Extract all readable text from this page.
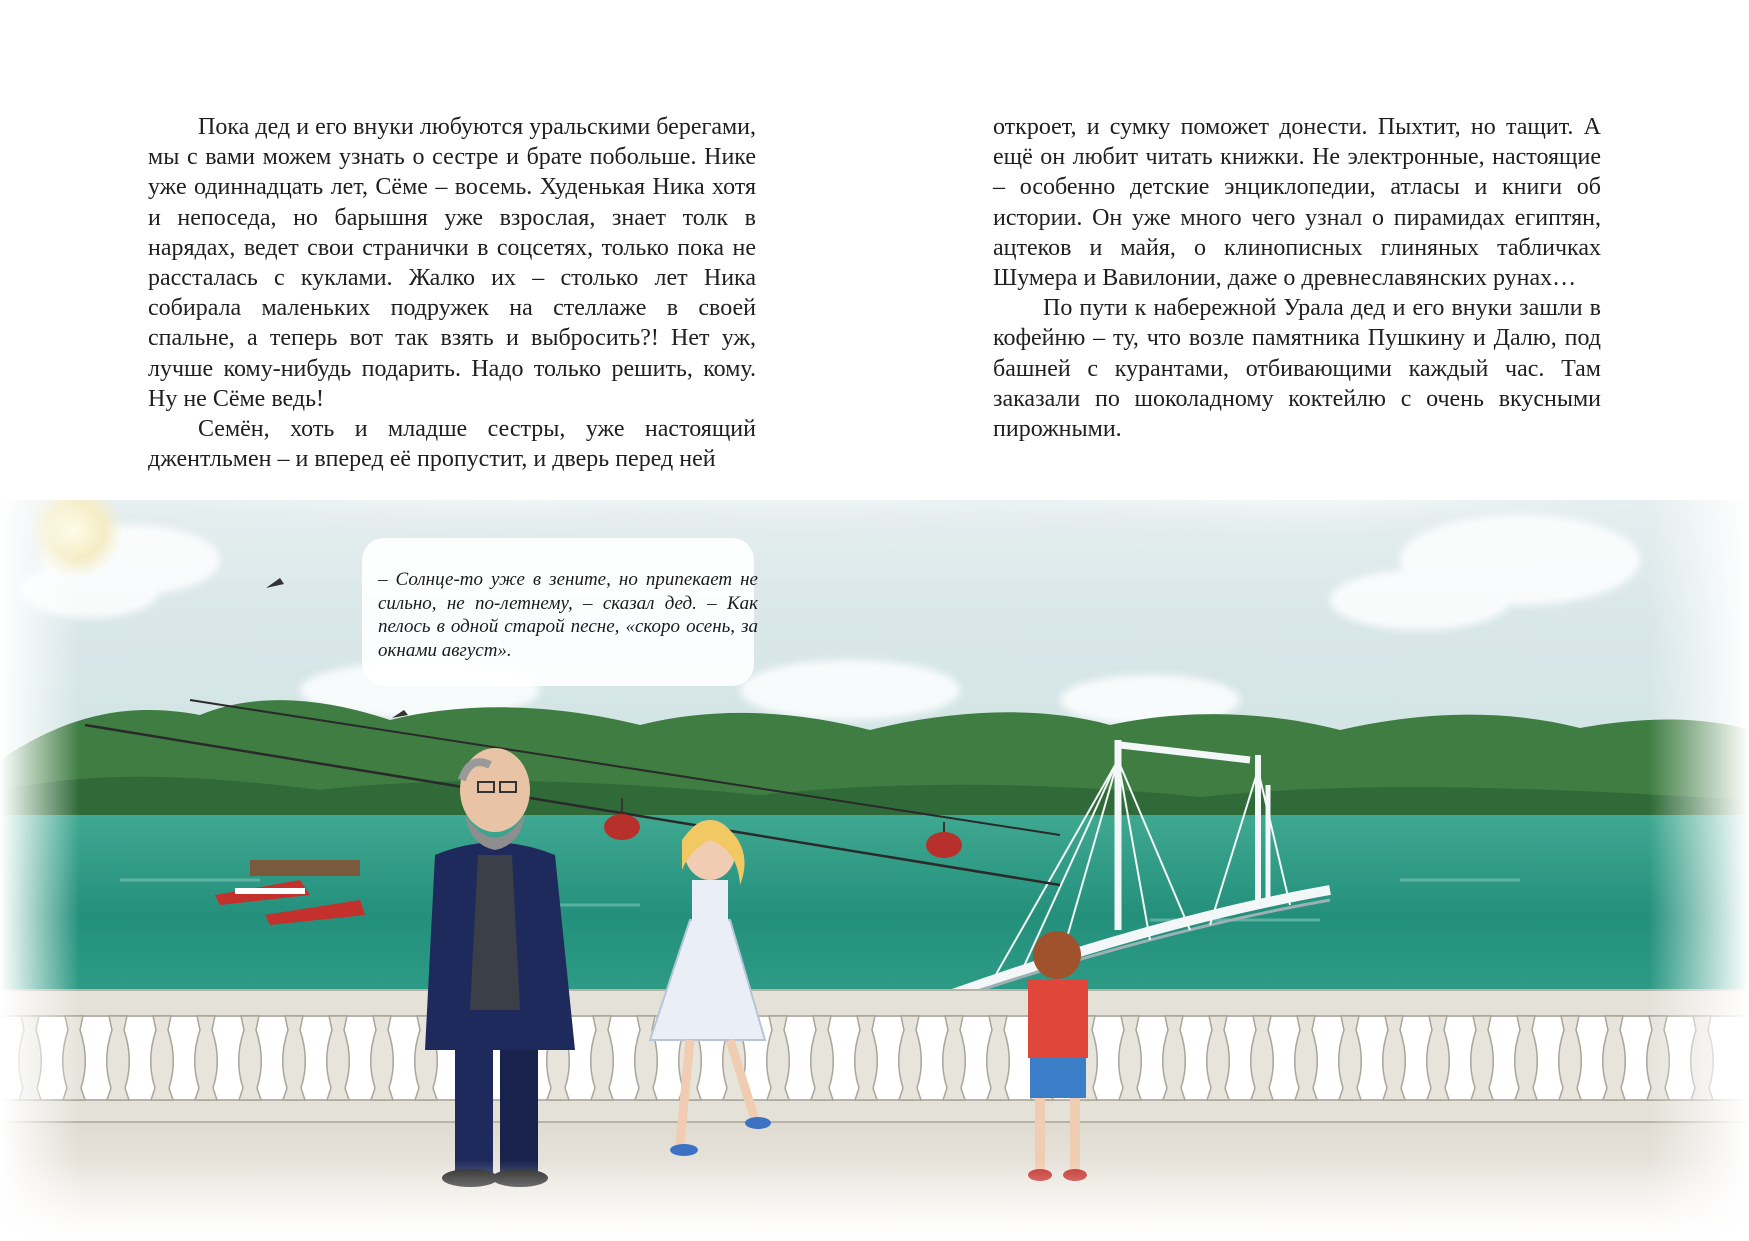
Пока дед и его внуки любуются уральскими берегами, мы с вами можем узнать о сестре и брате побольше. Нике уже одиннадцать лет, Сёме – восемь. Худенькая Ника хотя и непоседа, но барышня уже взрослая, знает толк в нарядах, ведет свои странички в соцсетях, только пока не рассталась с куклами. Жалко их – столько лет Ника собирала маленьких подружек на стеллаже в своей спальне, а теперь вот так взять и выбросить?! Нет уж, лучше кому-нибудь подарить. Надо только решить, кому. Ну не Сёме ведь!

Семён, хоть и младше сестры, уже настоящий джентльмен – и вперед её пропустит, и дверь перед ней

откроет, и сумку поможет донести. Пыхтит, но тащит. А ещё он любит читать книжки. Не электронные, настоящие – особенно детские энциклопедии, атласы и книги об истории. Он уже много чего узнал о пирамидах египтян, ацтеков и майя, о клинописных глиняных табличках Шумера и Вавилонии, даже о древнеславянских рунах…

По пути к набережной Урала дед и его внуки зашли в кофейню – ту, что возле памятника Пушкину и Далю, под башней с курантами, отбивающими каждый час. Там заказали по шоколадному коктейлю с очень вкусными пирожными.

– Солнце-то уже в зените, но припекает не сильно, не по-летнему, – сказал дед. – Как пелось в одной старой песне, «скоро осень, за окнами август».
